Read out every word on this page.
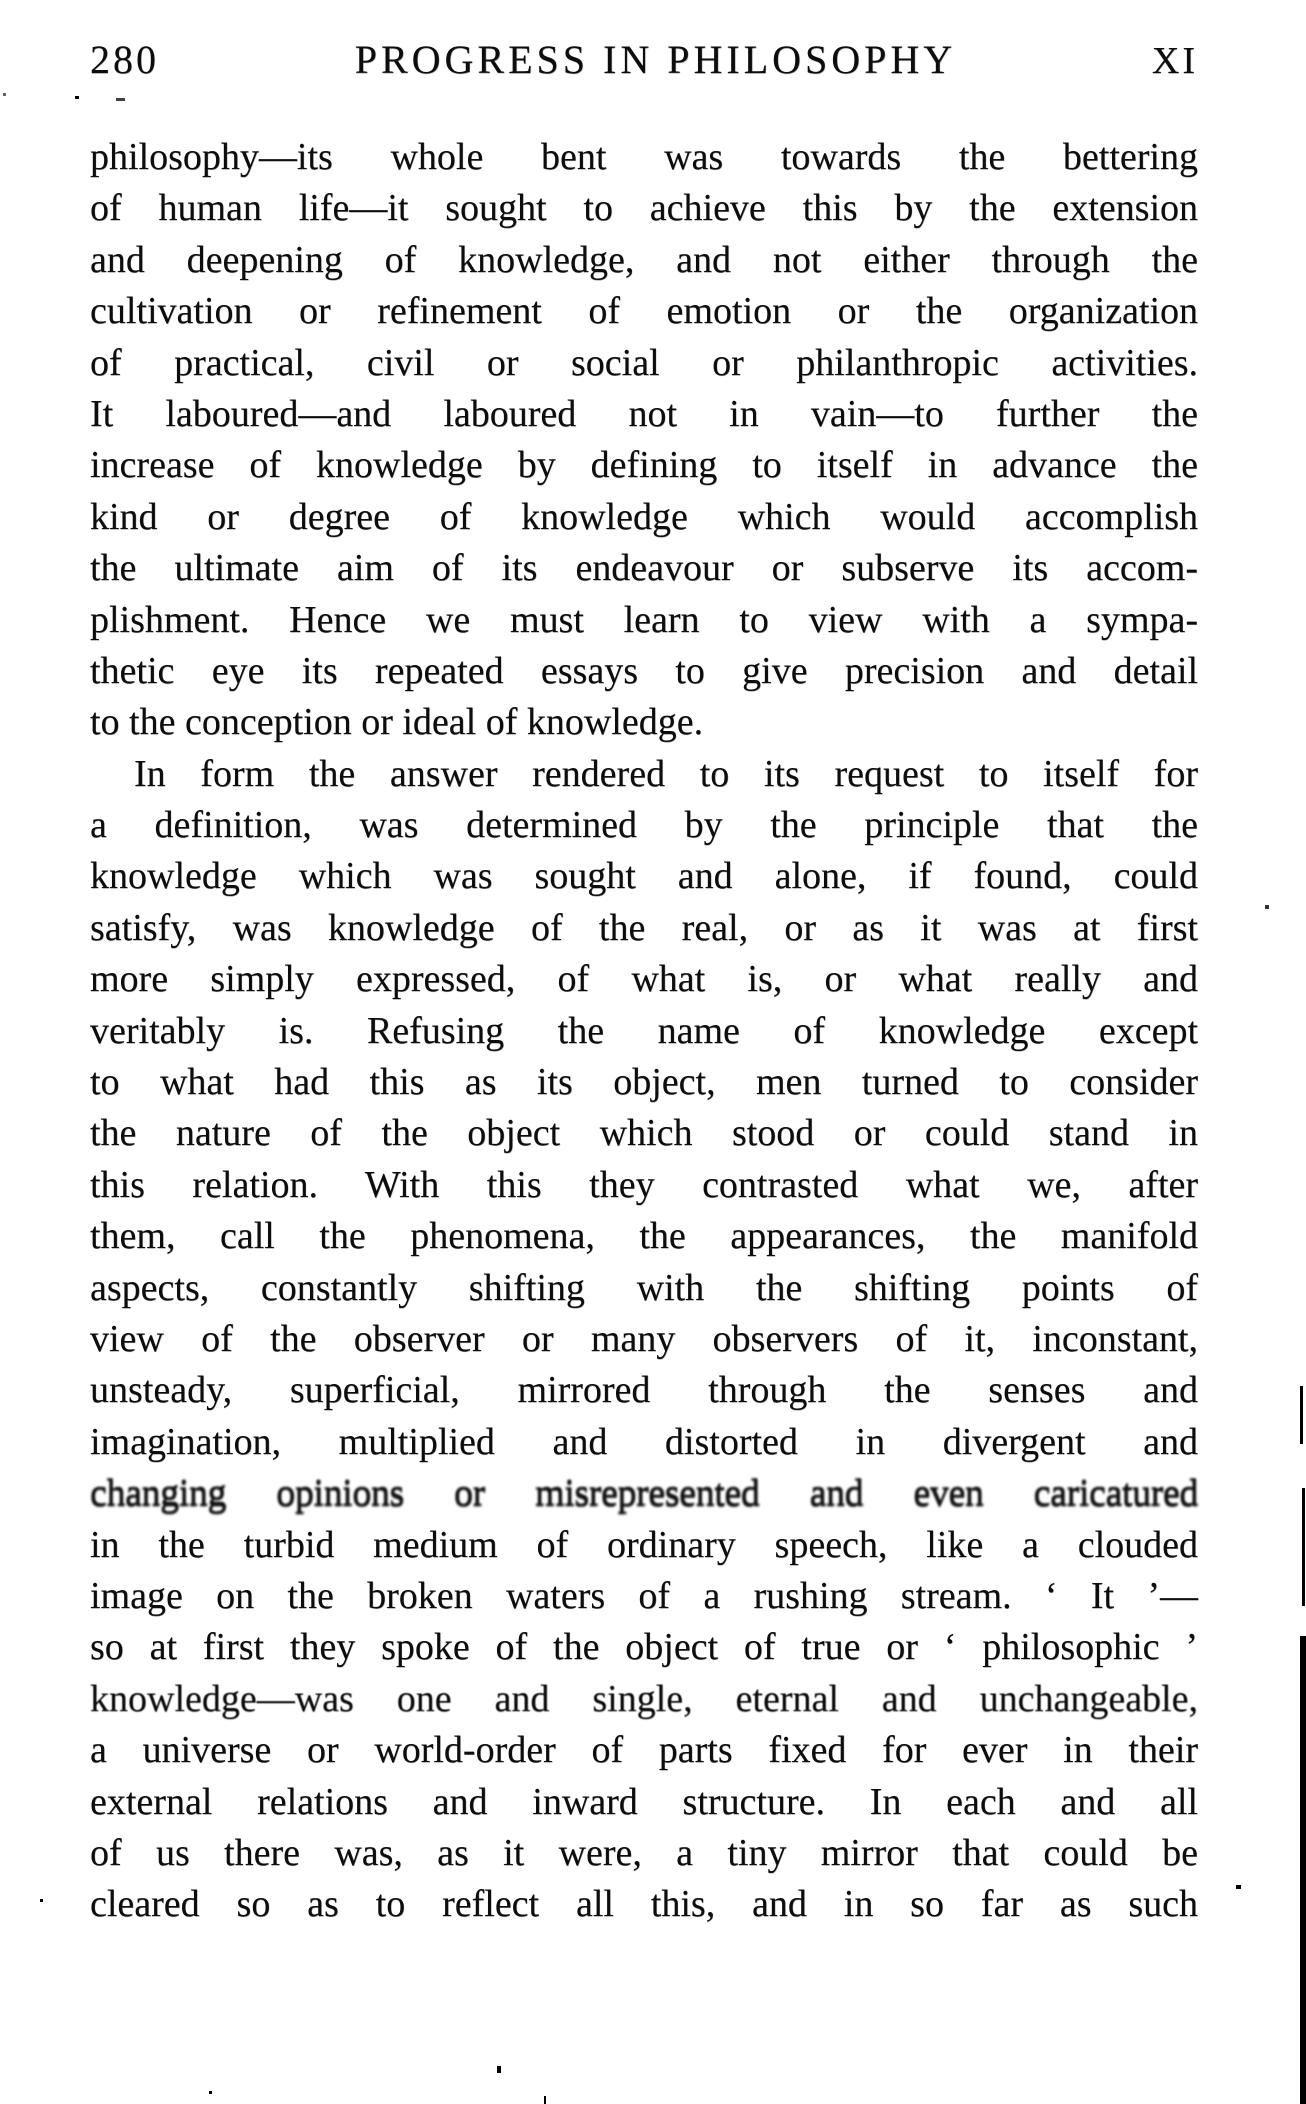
280	PROGRESS IN PHILOSOPHY	XI
philosophy—its whole bent was towards the bettering
of human life—it sought to achieve this by the extension
and deepening of knowledge, and not either through the
cultivation or refinement of emotion or the organization
of practical, civil or social or philanthropic activities.
It laboured—and laboured not in vain—to further the
increase of knowledge by defining to itself in advance the
kind or degree of knowledge which would accomplish
the ultimate aim of its endeavour or subserve its accom-
plishment. Hence we must learn to view with a sympa-
thetic eye its repeated essays to give precision and detail
to the conception or ideal of knowledge.
In form the answer rendered to its request to itself for
a definition, was determined by the principle that the
knowledge which was sought and alone, if found, could
satisfy, was knowledge of the real, or as it was at first
more simply expressed, of what is, or what really and
veritably is. Refusing the name of knowledge except
to what had this as its object, men turned to consider
the nature of the object which stood or could stand in
this relation. With this they contrasted what we, after
them, call the phenomena, the appearances, the manifold
aspects, constantly shifting with the shifting points of
view of the observer or many observers of it, inconstant,
unsteady, superficial, mirrored through the senses and
imagination, multiplied and distorted in divergent and
changing opinions or misrepresented and even caricatured
in the turbid medium of ordinary speech, like a clouded
image on the broken waters of a rushing stream. ‘ It ’—
so at first they spoke of the object of true or ‘ philosophic ’
knowledge—was one and single, eternal and unchangeable,
a universe or world-order of parts fixed for ever in their
external relations and inward structure. In each and all
of us there was, as it were, a tiny mirror that could be
cleared so as to reflect all this, and in so far as such
